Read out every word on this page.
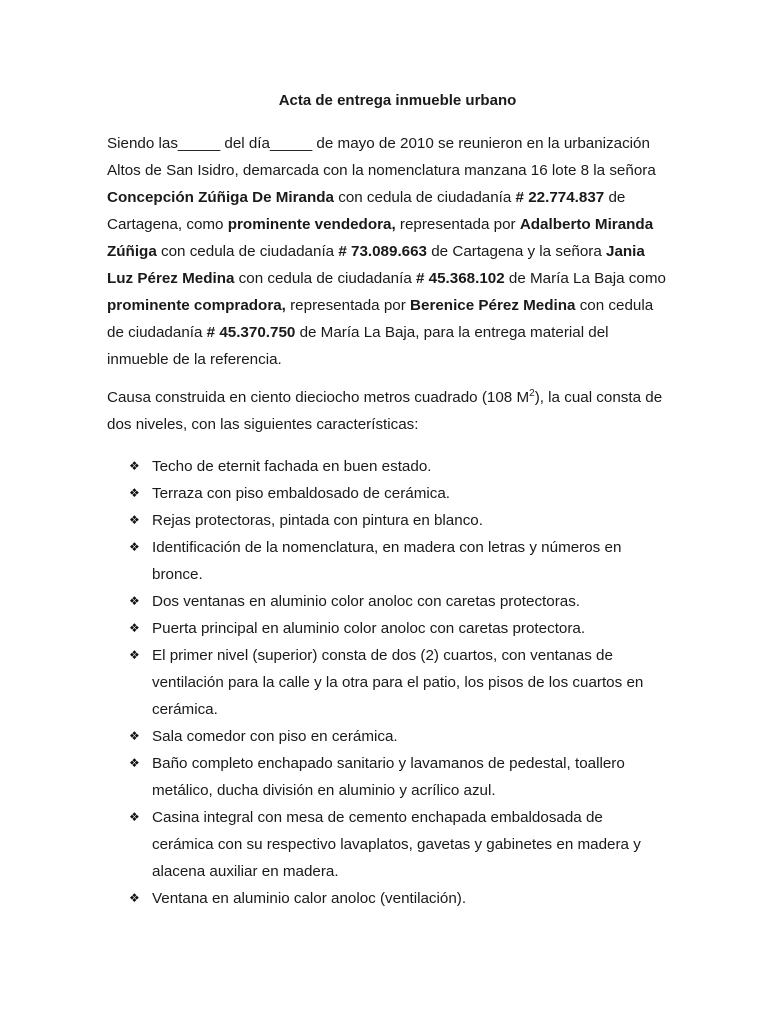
Acta de entrega inmueble urbano

Siendo las_____ del día_____ de mayo de 2010 se reunieron en la urbanización Altos de San Isidro, demarcada con la nomenclatura manzana 16 lote 8 la señora Concepción Zúñiga De Miranda con cedula de ciudadanía # 22.774.837 de Cartagena, como prominente vendedora, representada por Adalberto Miranda Zúñiga con cedula de ciudadanía # 73.089.663 de Cartagena y la señora Jania Luz Pérez Medina con cedula de ciudadanía # 45.368.102 de María La Baja como prominente compradora, representada por Berenice Pérez Medina con cedula de ciudadanía # 45.370.750 de María La Baja, para la entrega material del inmueble de la referencia.

Causa construida en ciento dieciocho metros cuadrado (108 $M^2$), la cual consta de dos niveles, con las siguientes características:

❖ Techo de eternit fachada en buen estado.
❖ Terraza con piso embaldosado de cerámica.
❖ Rejas protectoras, pintada con pintura en blanco.
❖ Identificación de la nomenclatura, en madera con letras y números en bronce.
❖ Dos ventanas en aluminio color anoloc con caretas protectoras.
❖ Puerta principal en aluminio color anoloc con caretas protectora.
❖ El primer nivel (superior) consta de dos (2) cuartos, con ventanas de ventilación para la calle y la otra para el patio, los pisos de los cuartos en cerámica.
❖ Sala comedor con piso en cerámica.
❖ Baño completo enchapado sanitario y lavamanos de pedestal, toallero metálico, ducha división en aluminio y acrílico azul.
❖ Casina integral con mesa de cemento enchapada embaldosada de cerámica con su respectivo lavaplatos, gavetas y gabinetes en madera y alacena auxiliar en madera.
❖ Ventana en aluminio calor anoloc (ventilación).
